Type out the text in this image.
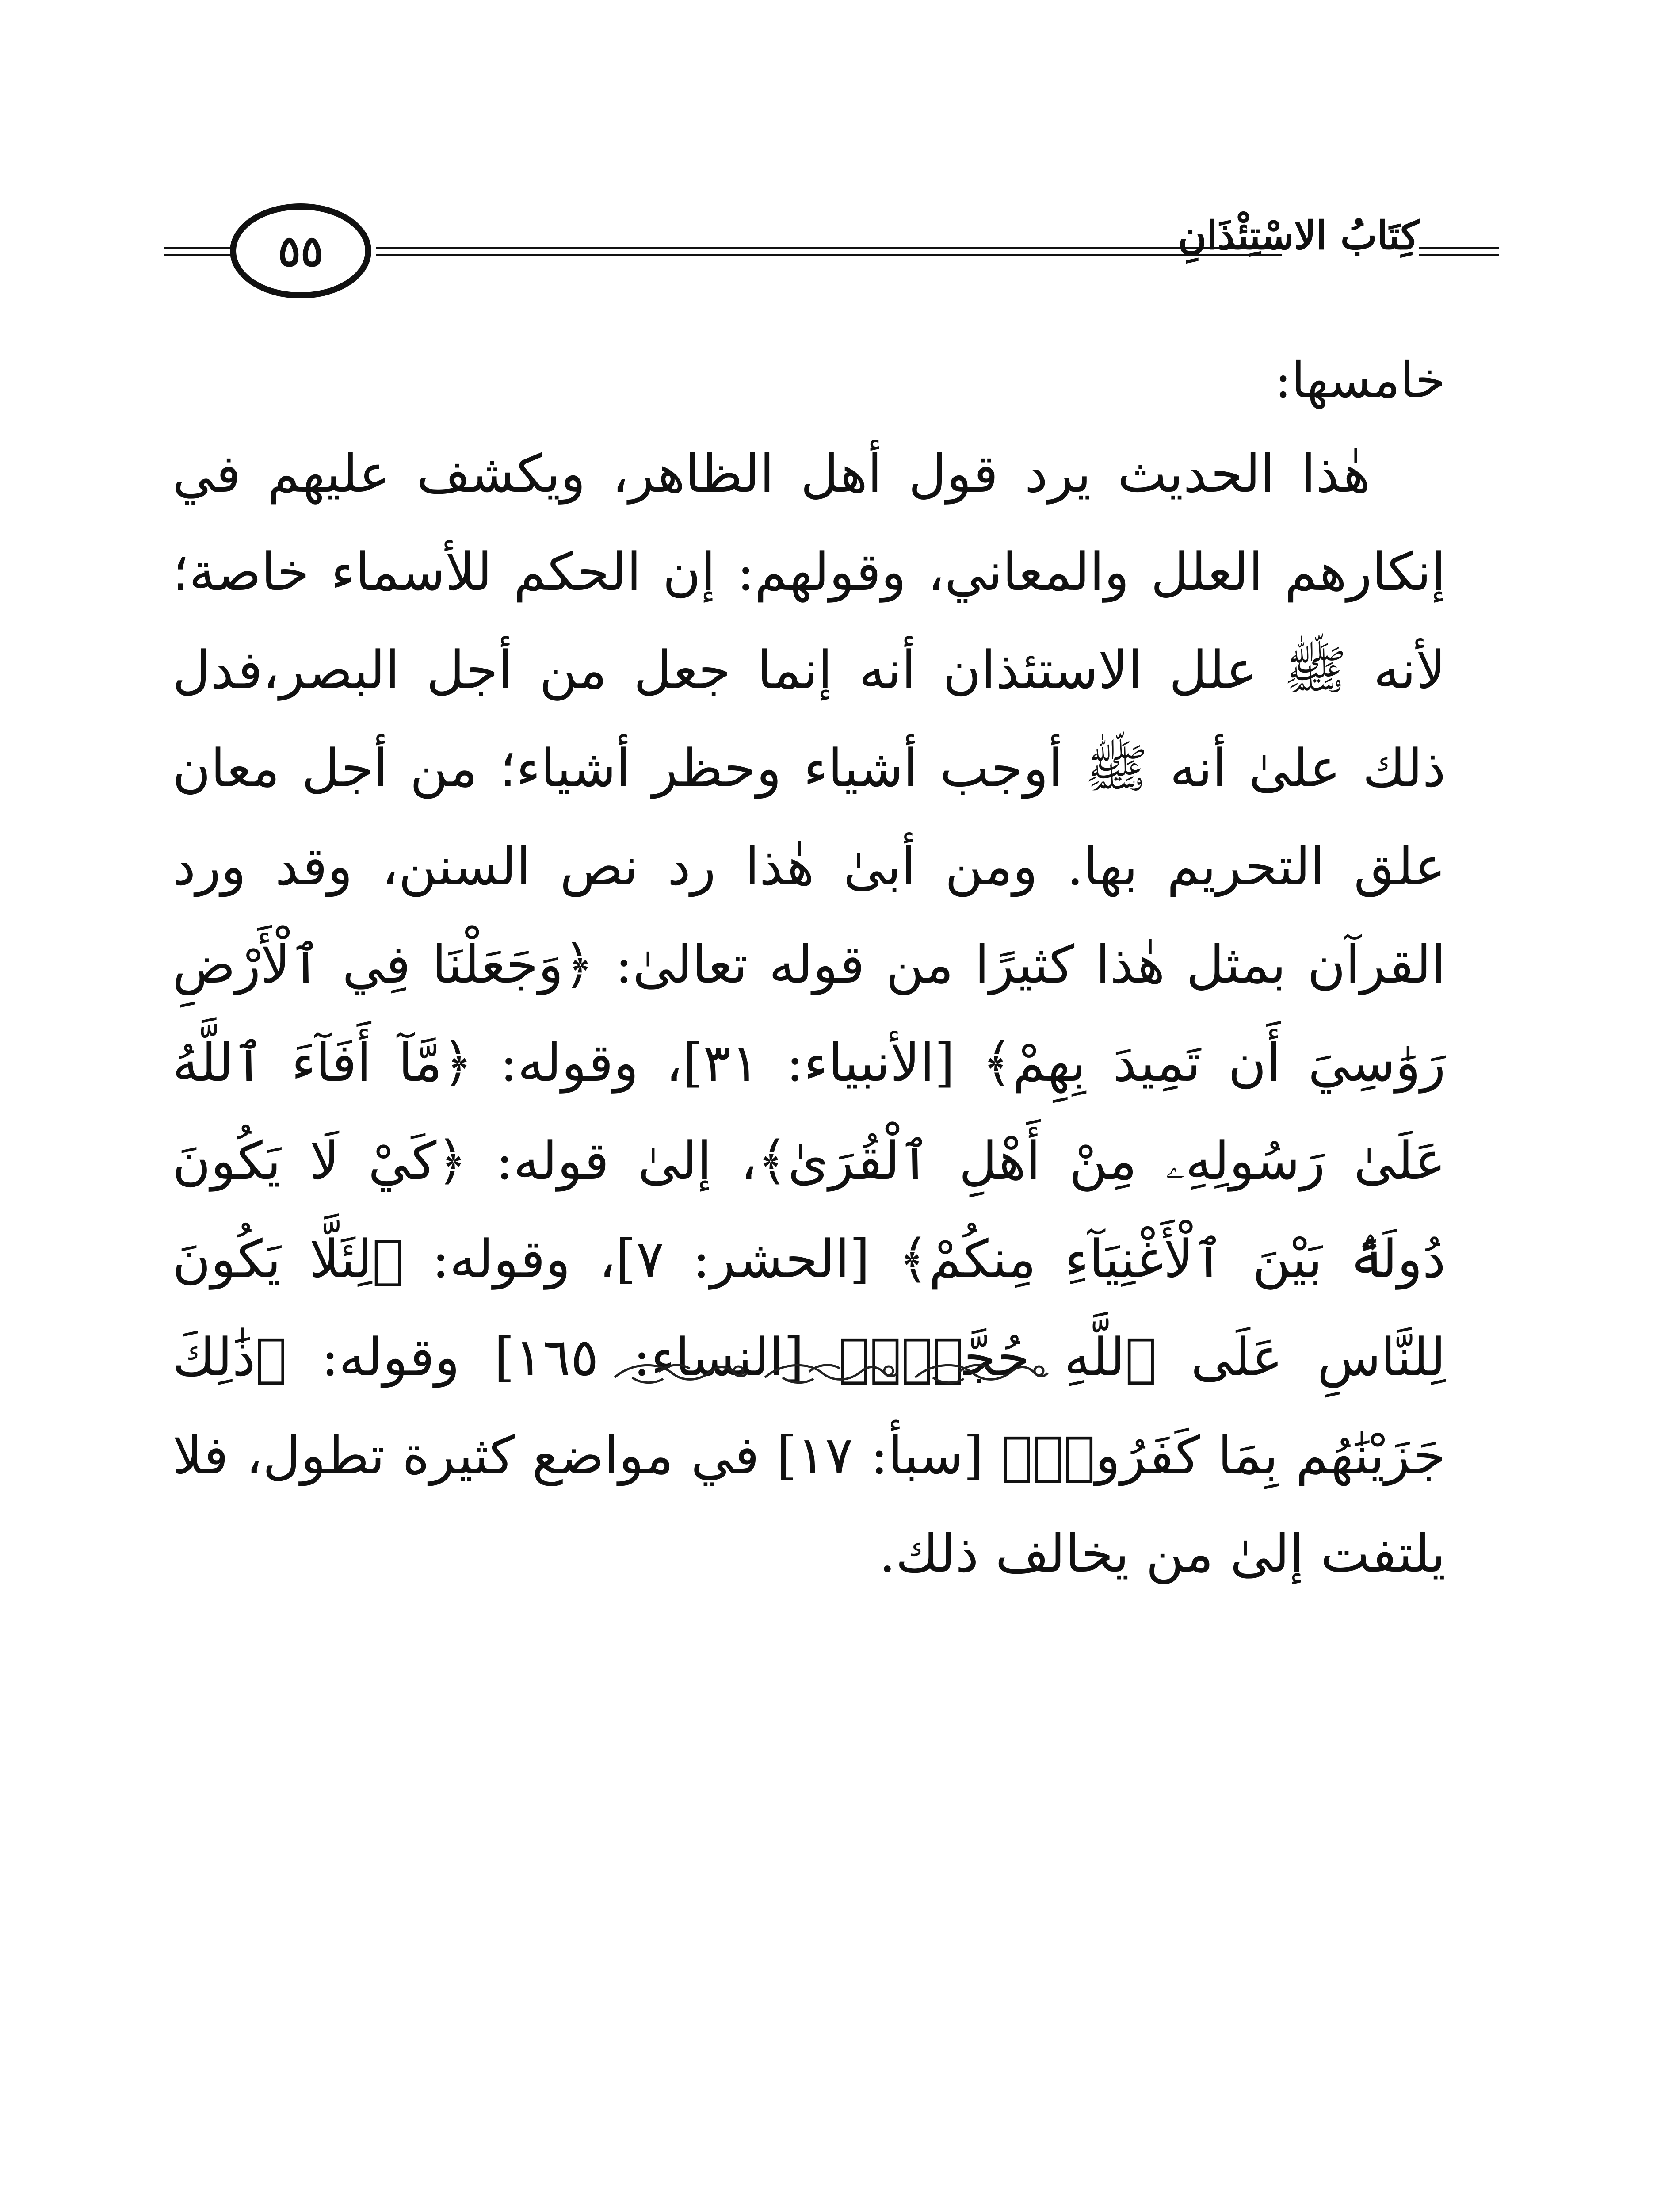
٥٥	كِتَابُ الاسْتِئْذَانِ
خامسها:

هٰذا الحديث يرد قول أهل الظاهر، ويكشف عليهم في إنكارهم العلل والمعاني، وقولهم: إن الحكم للأسماء خاصة؛ لأنه ﷺ علل الاستئذان أنه إنما جعل من أجل البصر،فدل ذلك علىٰ أنه ﷺ أوجب أشياء وحظر أشياء؛ من أجل معان علق التحريم بها. ومن أبىٰ هٰذا رد نص السنن، وقد ورد القرآن بمثل هٰذا كثيرًا من قوله تعالىٰ: ﴿وَجَعَلْنَا فِي ٱلْأَرْضِ رَوَٰسِيَ أَن تَمِيدَ بِهِمْ﴾ [الأنبياء: ٣١]، وقوله: ﴿مَّآ أَفَآءَ ٱللَّهُ عَلَىٰ رَسُولِهِۦ مِنْ أَهْلِ ٱلْقُرَىٰ﴾، إلىٰ قوله: ﴿كَيْ لَا يَكُونَ دُولَةًۢ بَيْنَ ٱلْأَغْنِيَآءِ مِنكُمْ﴾ [الحشر: ٧]، وقوله: ﴿لِئَلَّا يَكُونَ لِلنَّاسِ عَلَى ٱللَّهِ حُجَّةٌۢ﴾ [النساء: ١٦٥] وقوله: ﴿ذَٰلِكَ جَزَيْنَٰهُم بِمَا كَفَرُوا۟﴾ [سبأ: ١٧] في مواضع كثيرة تطول، فلا يلتفت إلىٰ من يخالف ذلك.
